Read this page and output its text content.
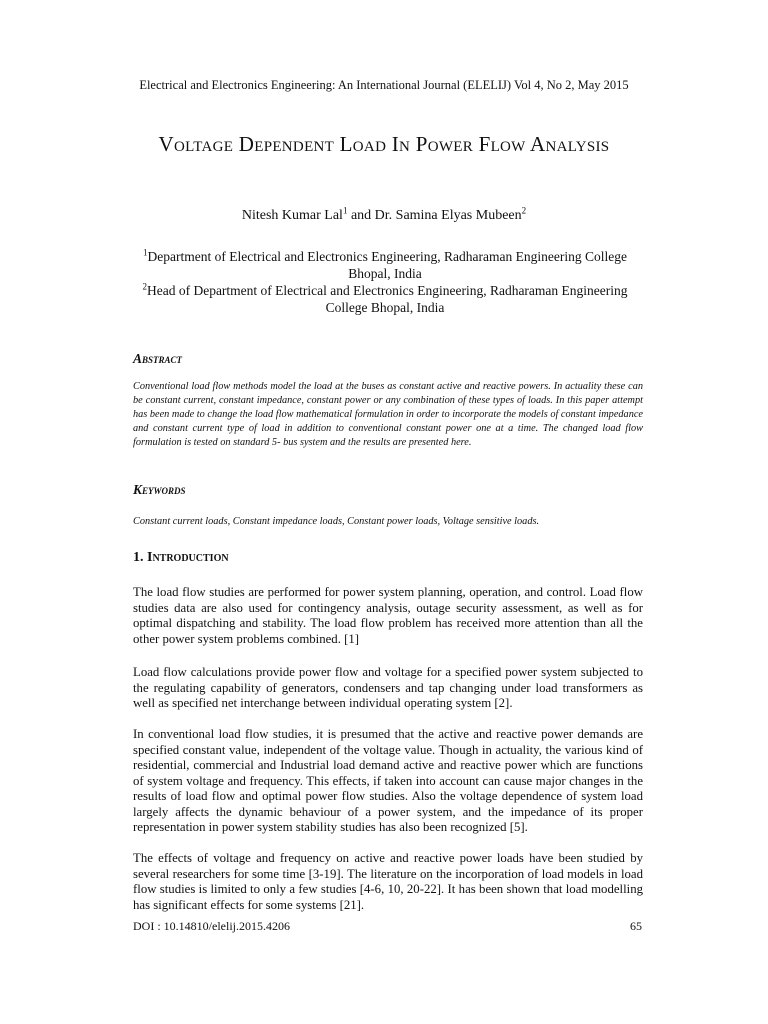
Electrical and Electronics Engineering: An International Journal (ELELIJ) Vol 4, No 2, May 2015
Voltage Dependent Load In Power Flow Analysis
Nitesh Kumar Lal$^1$ and Dr. Samina Elyas Mubeen$^2$
$^1$Department of Electrical and Electronics Engineering, Radharaman Engineering College Bhopal, India
$^2$Head of Department of Electrical and Electronics Engineering, Radharaman Engineering College Bhopal, India
Abstract
Conventional load flow methods model the load at the buses as constant active and reactive powers. In actuality these can be constant current, constant impedance, constant power or any combination of these types of loads. In this paper attempt has been made to change the load flow mathematical formulation in order to incorporate the models of constant impedance and constant current type of load in addition to conventional constant power one at a time. The changed load flow formulation is tested on standard 5- bus system and the results are presented here.
Keywords
Constant current loads, Constant impedance loads, Constant power loads, Voltage sensitive loads.
1. Introduction
The load flow studies are performed for power system planning, operation, and control. Load flow studies data are also used for contingency analysis, outage security assessment, as well as for optimal dispatching and stability. The load flow problem has received more attention than all the other power system problems combined. [1]
Load flow calculations provide power flow and voltage for a specified power system subjected to the regulating capability of generators, condensers and tap changing under load transformers as well as specified net interchange between individual operating system [2].
In conventional load flow studies, it is presumed that the active and reactive power demands are specified constant value, independent of the voltage value. Though in actuality, the various kind of residential, commercial and Industrial load demand active and reactive power which are functions of system voltage and frequency. This effects, if taken into account can cause major changes in the results of load flow and optimal power flow studies. Also the voltage dependence of system load largely affects the dynamic behaviour of a power system, and the impedance of its proper representation in power system stability studies has also been recognized [5].
The effects of voltage and frequency on active and reactive power loads have been studied by several researchers for some time [3-19]. The literature on the incorporation of load models in load flow studies is limited to only a few studies [4-6, 10, 20-22]. It has been shown that load modelling has significant effects for some systems [21].
DOI : 10.14810/elelij.2015.4206	65
